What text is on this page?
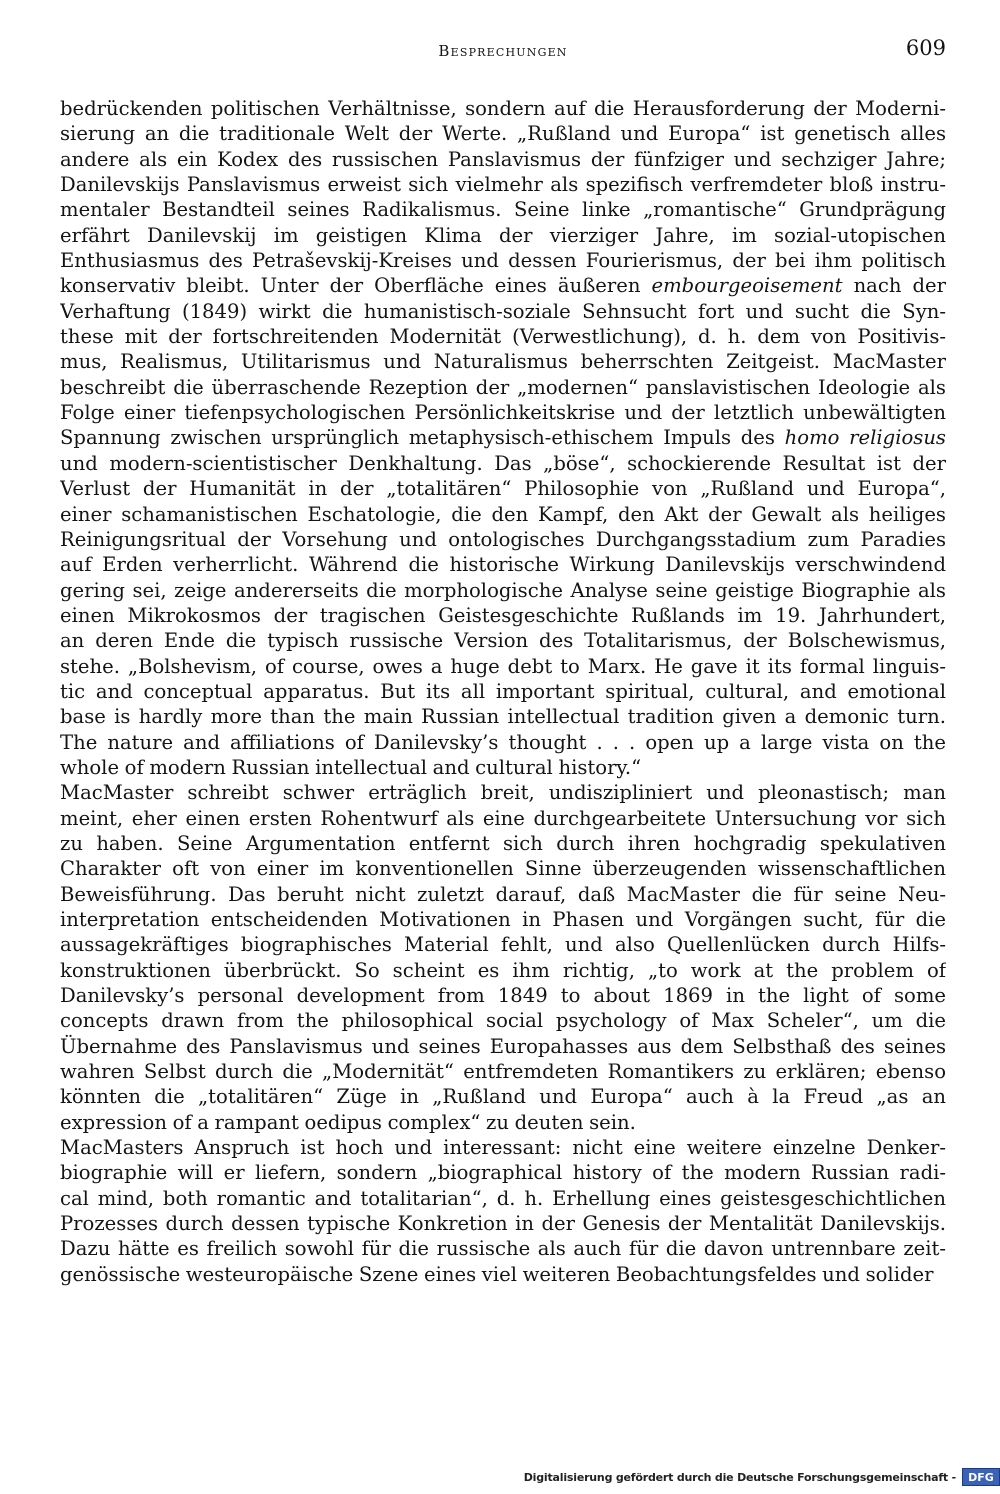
Besprechungen	609
bedrückenden politischen Verhältnisse, sondern auf die Herausforderung der Moderni-
sierung an die traditionale Welt der Werte. „Rußland und Europa“ ist genetisch alles
andere als ein Kodex des russischen Panslavismus der fünfziger und sechziger Jahre;
Danilevskijs Panslavismus erweist sich vielmehr als spezifisch verfremdeter bloß instru-
mentaler Bestandteil seines Radikalismus. Seine linke „romantische“ Grundprägung
erfährt Danilevskij im geistigen Klima der vierziger Jahre, im sozial-utopischen
Enthusiasmus des Petraševskij-Kreises und dessen Fourierismus, der bei ihm politisch
konservativ bleibt. Unter der Oberfläche eines äußeren embourgeoisement nach der
Verhaftung (1849) wirkt die humanistisch-soziale Sehnsucht fort und sucht die Syn-
these mit der fortschreitenden Modernität (Verwestlichung), d. h. dem von Positivis-
mus, Realismus, Utilitarismus und Naturalismus beherrschten Zeitgeist. MacMaster
beschreibt die überraschende Rezeption der „modernen“ panslavistischen Ideologie als
Folge einer tiefenpsychologischen Persönlichkeitskrise und der letztlich unbewältigten
Spannung zwischen ursprünglich metaphysisch-ethischem Impuls des homo religiosus
und modern-scientistischer Denkhaltung. Das „böse“, schockierende Resultat ist der
Verlust der Humanität in der „totalitären“ Philosophie von „Rußland und Europa“,
einer schamanistischen Eschatologie, die den Kampf, den Akt der Gewalt als heiliges
Reinigungsritual der Vorsehung und ontologisches Durchgangsstadium zum Paradies
auf Erden verherrlicht. Während die historische Wirkung Danilevskijs verschwindend
gering sei, zeige andererseits die morphologische Analyse seine geistige Biographie als
einen Mikrokosmos der tragischen Geistesgeschichte Rußlands im 19. Jahrhundert,
an deren Ende die typisch russische Version des Totalitarismus, der Bolschewismus,
stehe. „Bolshevism, of course, owes a huge debt to Marx. He gave it its formal linguis-
tic and conceptual apparatus. But its all important spiritual, cultural, and emotional
base is hardly more than the main Russian intellectual tradition given a demonic turn.
The nature and affiliations of Danilevsky’s thought . . . open up a large vista on the
whole of modern Russian intellectual and cultural history.“
MacMaster schreibt schwer erträglich breit, undiszipliniert und pleonastisch; man
meint, eher einen ersten Rohentwurf als eine durchgearbeitete Untersuchung vor sich
zu haben. Seine Argumentation entfernt sich durch ihren hochgradig spekulativen
Charakter oft von einer im konventionellen Sinne überzeugenden wissenschaftlichen
Beweisführung. Das beruht nicht zuletzt darauf, daß MacMaster die für seine Neu-
interpretation entscheidenden Motivationen in Phasen und Vorgängen sucht, für die
aussagekräftiges biographisches Material fehlt, und also Quellenlücken durch Hilfs-
konstruktionen überbrückt. So scheint es ihm richtig, „to work at the problem of
Danilevsky’s personal development from 1849 to about 1869 in the light of some
concepts drawn from the philosophical social psychology of Max Scheler“, um die
Übernahme des Panslavismus und seines Europahasses aus dem Selbsthaß des seines
wahren Selbst durch die „Modernität“ entfremdeten Romantikers zu erklären; ebenso
könnten die „totalitären“ Züge in „Rußland und Europa“ auch à la Freud „as an
expression of a rampant oedipus complex“ zu deuten sein.
MacMasters Anspruch ist hoch und interessant: nicht eine weitere einzelne Denker-
biographie will er liefern, sondern „biographical history of the modern Russian radi-
cal mind, both romantic and totalitarian“, d. h. Erhellung eines geistesgeschichtlichen
Prozesses durch dessen typische Konkretion in der Genesis der Mentalität Danilevskijs.
Dazu hätte es freilich sowohl für die russische als auch für die davon untrennbare zeit-
genössische westeuropäische Szene eines viel weiteren Beobachtungsfeldes und solider
Digitalisierung gefördert durch die Deutsche Forschungsgemeinschaft -	DFG
